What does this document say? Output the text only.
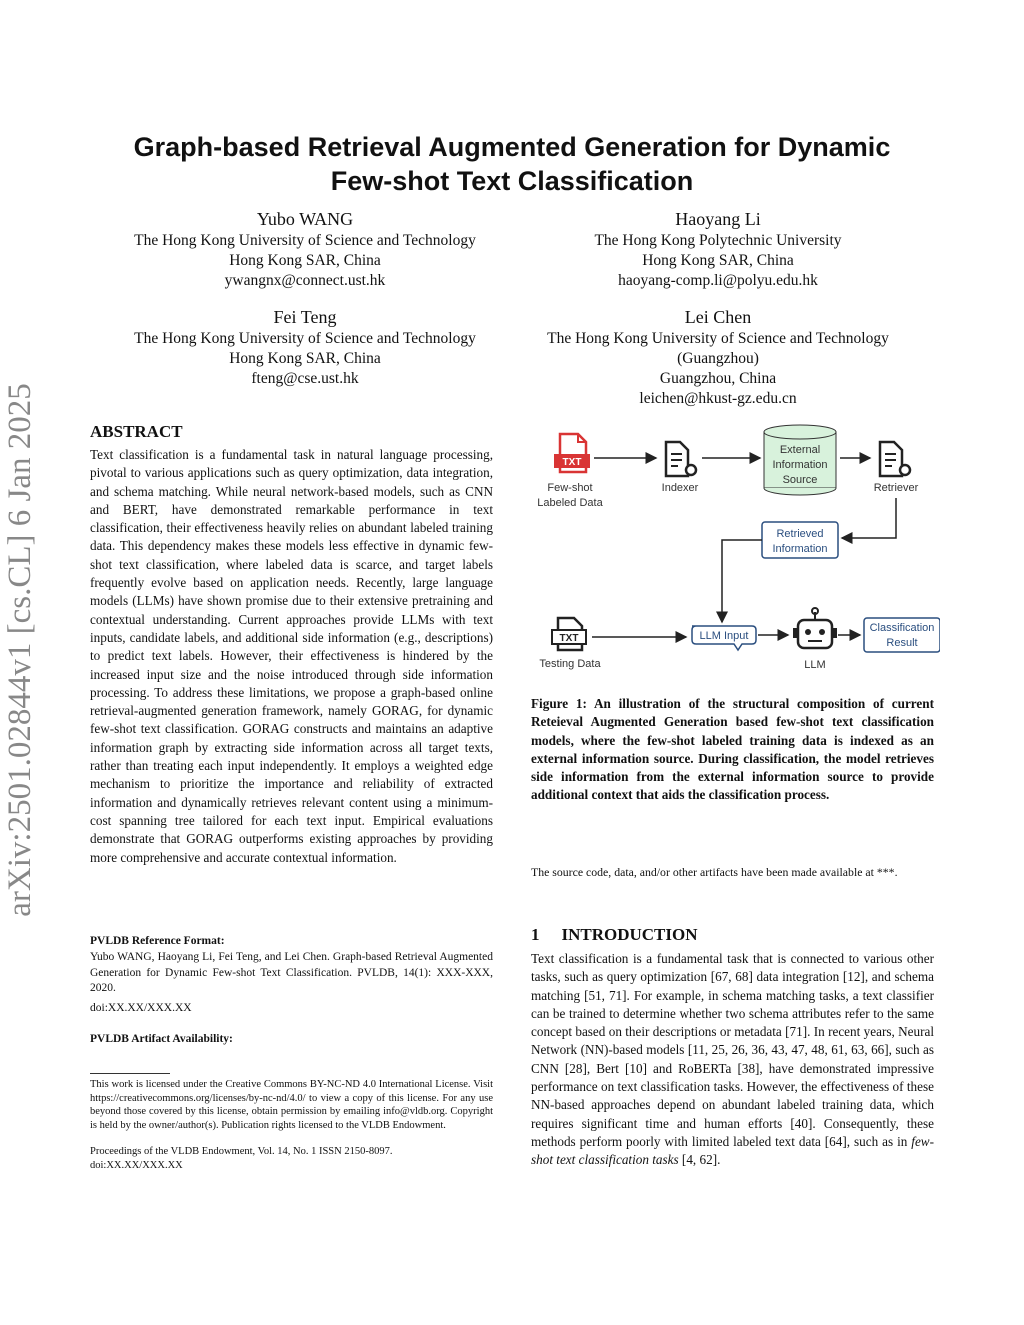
arXiv:2501.02844v1 [cs.CL] 6 Jan 2025
Graph-based Retrieval Augmented Generation for Dynamic
Few-shot Text Classification
Yubo WANG
The Hong Kong University of Science and Technology
Hong Kong SAR, China
ywangnx@connect.ust.hk
Haoyang Li
The Hong Kong Polytechnic University
Hong Kong SAR, China
haoyang-comp.li@polyu.edu.hk
Fei Teng
The Hong Kong University of Science and Technology
Hong Kong SAR, China
fteng@cse.ust.hk
Lei Chen
The Hong Kong University of Science and Technology
(Guangzhou)
Guangzhou, China
leichen@hkust-gz.edu.cn
ABSTRACT
Text classification is a fundamental task in natural language processing, pivotal to various applications such as query optimization, data integration, and schema matching. While neural network-based models, such as CNN and BERT, have demonstrated remarkable performance in text classification, their effectiveness heavily relies on abundant labeled training data. This dependency makes these models less effective in dynamic few-shot text classification, where labeled data is scarce, and target labels frequently evolve based on application needs. Recently, large language models (LLMs) have shown promise due to their extensive pretraining and contextual understanding. Current approaches provide LLMs with text inputs, candidate labels, and additional side information (e.g., descriptions) to predict text labels. However, their effectiveness is hindered by the increased input size and the noise introduced through side information processing. To address these limitations, we propose a graph-based online retrieval-augmented generation framework, namely GORAG, for dynamic few-shot text classification. GORAG constructs and maintains an adaptive information graph by extracting side information across all target texts, rather than treating each input independently. It employs a weighted edge mechanism to prioritize the importance and reliability of extracted information and dynamically retrieves relevant content using a minimum-cost spanning tree tailored for each text input. Empirical evaluations demonstrate that GORAG outperforms existing approaches by providing more comprehensive and accurate contextual information.
PVLDB Reference Format:
Yubo WANG, Haoyang Li, Fei Teng, and Lei Chen. Graph-based Retrieval Augmented Generation for Dynamic Few-shot Text Classification. PVLDB, 14(1): XXX-XXX, 2020.
doi:XX.XX/XXX.XX
PVLDB Artifact Availability:
This work is licensed under the Creative Commons BY-NC-ND 4.0 International License. Visit https://creativecommons.org/licenses/by-nc-nd/4.0/ to view a copy of this license. For any use beyond those covered by this license, obtain permission by emailing info@vldb.org. Copyright is held by the owner/author(s). Publication rights licensed to the VLDB Endowment.
Proceedings of the VLDB Endowment, Vol. 14, No. 1 ISSN 2150-8097.
doi:XX.XX/XXX.XX
TXT
Few-shot
Labeled Data
Indexer
External
Information
Source
Retriever
Retrieved
Information
TXT
Testing Data
LLM Input
LLM
Classification
Result
Figure 1: An illustration of the structural composition of current Reteieval Augmented Generation based few-shot text classification models, where the few-shot labeled training data is indexed as an external information source. During classification, the model retrieves side information from the external information source to provide additional context that aids the classification process.
The source code, data, and/or other artifacts have been made available at ***.
1 INTRODUCTION
Text classification is a fundamental task that is connected to various other tasks, such as query optimization [67, 68] data integration [12], and schema matching [51, 71]. For example, in schema matching tasks, a text classifier can be trained to determine whether two schema attributes refer to the same concept based on their descriptions or metadata [71]. In recent years, Neural Network (NN)-based models [11, 25, 26, 36, 43, 47, 48, 61, 63, 66], such as CNN [28], Bert [10] and RoBERTa [38], have demonstrated impressive performance on text classification tasks. However, the effectiveness of these NN-based approaches depend on abundant labeled training data, which requires significant time and human efforts [40]. Consequently, these methods perform poorly with limited labeled text data [64], such as in few-shot text classification tasks [4, 62].
